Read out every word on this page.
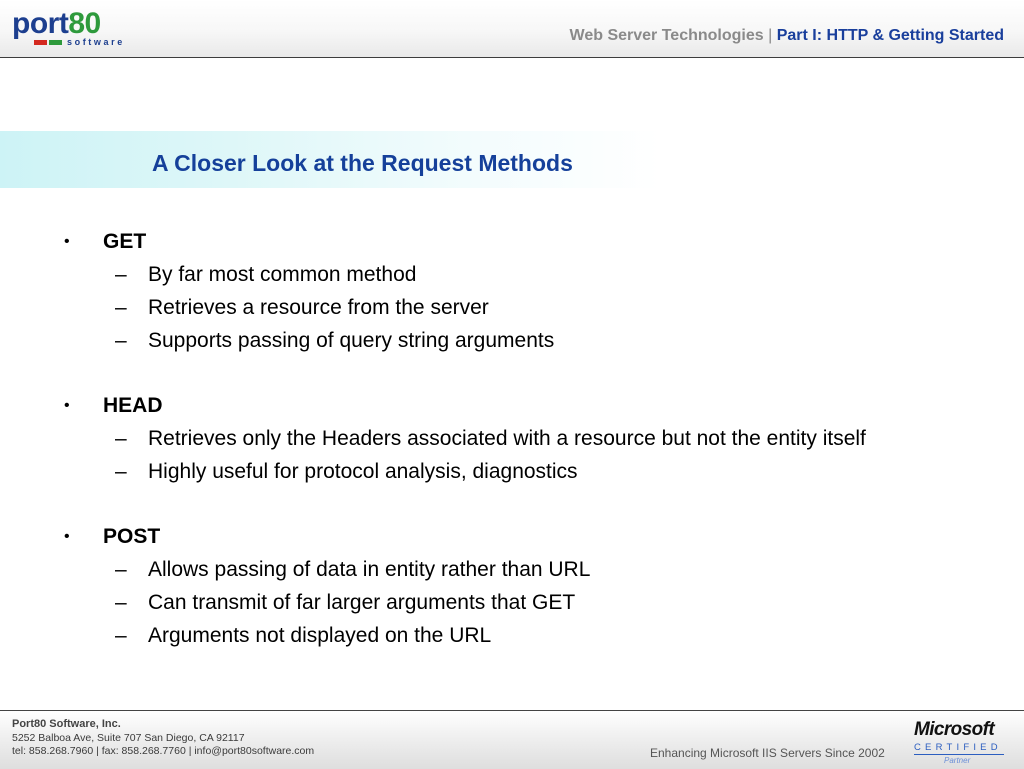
port80
software	Web Server Technologies | Part I: HTTP & Getting Started
A Closer Look at the Request Methods
• GET
– By far most common method
– Retrieves a resource from the server
– Supports passing of query string arguments
• HEAD
– Retrieves only the Headers associated with a resource but not the entity itself
– Highly useful for protocol analysis, diagnostics
• POST
– Allows passing of data in entity rather than URL
– Can transmit of far larger arguments that GET
– Arguments not displayed on the URL
Port80 Software, Inc.
5252 Balboa Ave, Suite 707 San Diego, CA 92117
tel: 858.268.7960 | fax: 858.268.7760 | info@port80software.com	Enhancing Microsoft IIS Servers Since 2002
Microsoft
CERTIFIED
Partner
